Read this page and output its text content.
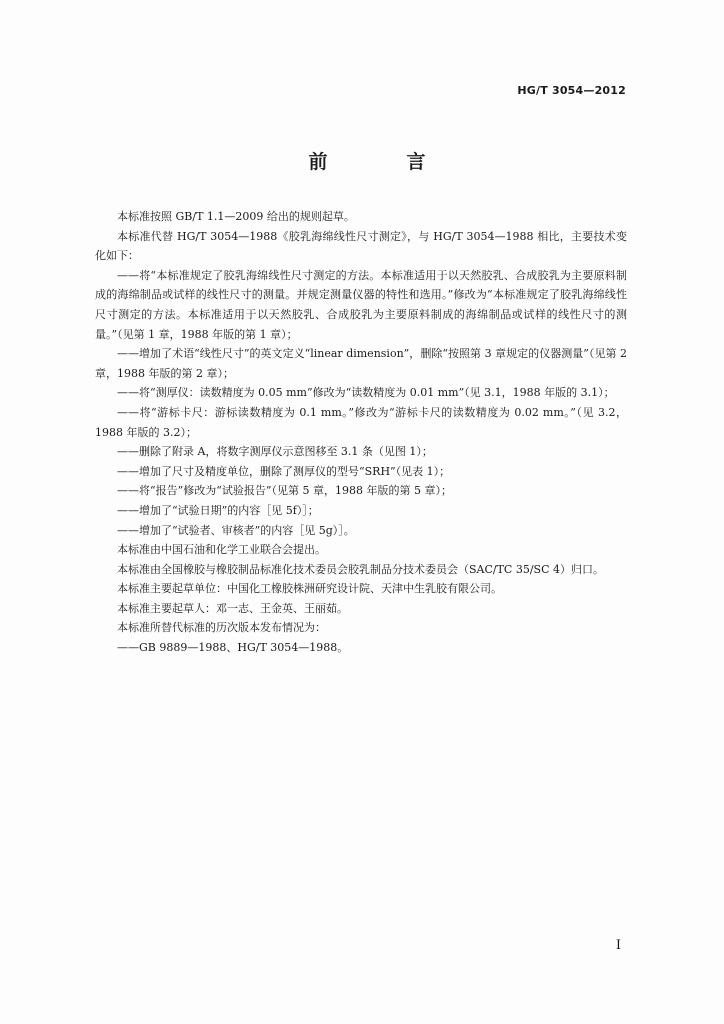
HG/T 3054—2012
前　言

本标准按照 GB/T 1.1—2009 给出的规则起草。

本标准代替 HG/T 3054—1988《胶乳海绵线性尺寸测定》，与 HG/T 3054—1988 相比，主要技术变化如下：

——将“本标准规定了胶乳海绵线性尺寸测定的方法。本标准适用于以天然胶乳、合成胶乳为主要原料制成的海绵制品或试样的线性尺寸的测量。并规定测量仪器的特性和选用。”修改为“本标准规定了胶乳海绵线性尺寸测定的方法。本标准适用于以天然胶乳、合成胶乳为主要原料制成的海绵制品或试样的线性尺寸的测量。”（见第 1 章，1988 年版的第 1 章）；

——增加了术语“线性尺寸”的英文定义“linear dimension”，删除“按照第 3 章规定的仪器测量”（见第 2 章，1988 年版的第 2 章）；

——将“测厚仪：读数精度为 0.05 mm”修改为“读数精度为 0.01 mm”（见 3.1，1988 年版的 3.1）；

——将“游标卡尺：游标读数精度为 0.1 mm。”修改为“游标卡尺的读数精度为 0.02 mm。”（见 3.2，1988 年版的 3.2）；

——删除了附录 A，将数字测厚仪示意图移至 3.1 条（见图 1）；

——增加了尺寸及精度单位，删除了测厚仪的型号“SRH”（见表 1）；

——将“报告”修改为“试验报告”（见第 5 章，1988 年版的第 5 章）；

——增加了“试验日期”的内容［见 5f）］；

——增加了“试验者、审核者”的内容［见 5g）］。

本标准由中国石油和化学工业联合会提出。

本标准由全国橡胶与橡胶制品标准化技术委员会胶乳制品分技术委员会（SAC/TC 35/SC 4）归口。

本标准主要起草单位：中国化工橡胶株洲研究设计院、天津中生乳胶有限公司。

本标准主要起草人：邓一志、王金英、王丽茹。

本标准所替代标准的历次版本发布情况为：

——GB 9889—1988、HG/T 3054—1988。

I
